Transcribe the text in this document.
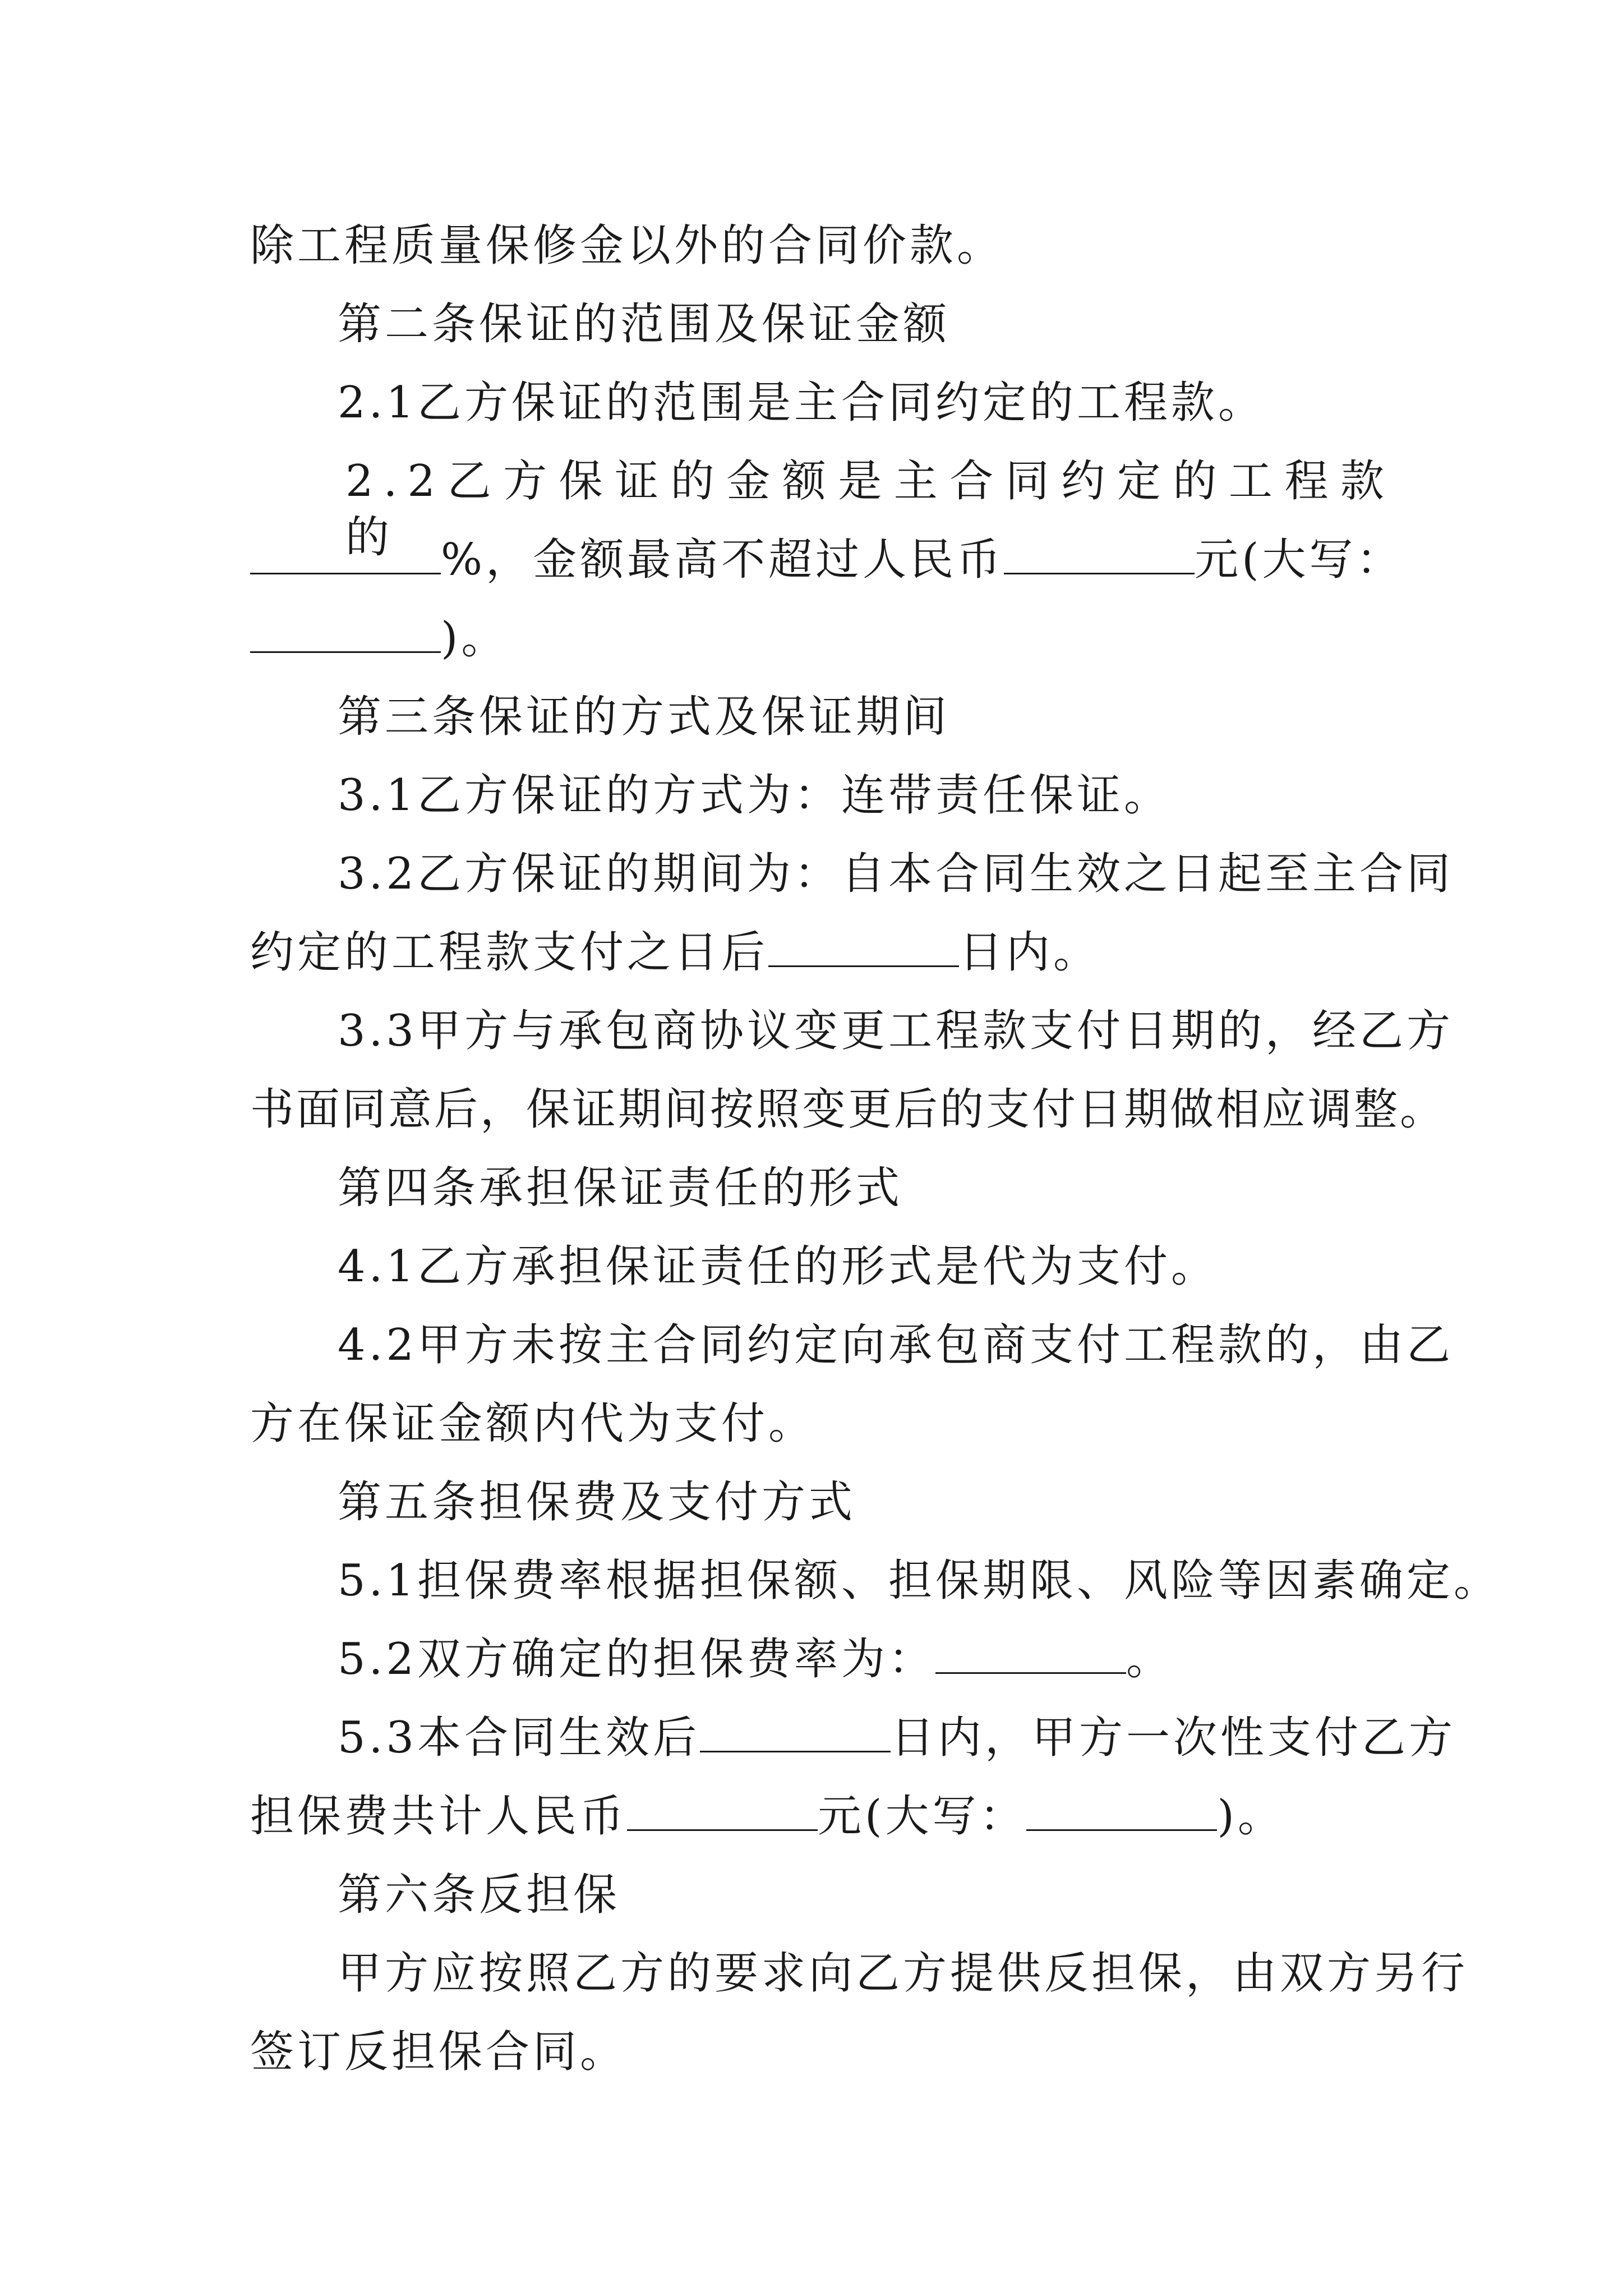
除工程质量保修金以外的合同价款。

第二条保证的范围及保证金额

2.1乙方保证的范围是主合同约定的工程款。

2.2乙方保证的金额是主合同约定的工程款的 %，金额最高不超过人民币	元(大写：

)。

第三条保证的方式及保证期间

3.1乙方保证的方式为：连带责任保证。

3.2乙方保证的期间为：自本合同生效之日起至主合同

约定的工程款支付之日后	日内。

3.3甲方与承包商协议变更工程款支付日期的，经乙方

书面同意后，保证期间按照变更后的支付日期做相应调整。

第四条承担保证责任的形式

4.1乙方承担保证责任的形式是代为支付。

4.2甲方未按主合同约定向承包商支付工程款的，由乙

方在保证金额内代为支付。

第五条担保费及支付方式

5.1担保费率根据担保额、担保期限、风险等因素确定。

5.2双方确定的担保费率为：	。

5.3本合同生效后	日内，甲方一次性支付乙方

担保费共计人民币	元(大写：	)。

第六条反担保

甲方应按照乙方的要求向乙方提供反担保，由双方另行

签订反担保合同。
